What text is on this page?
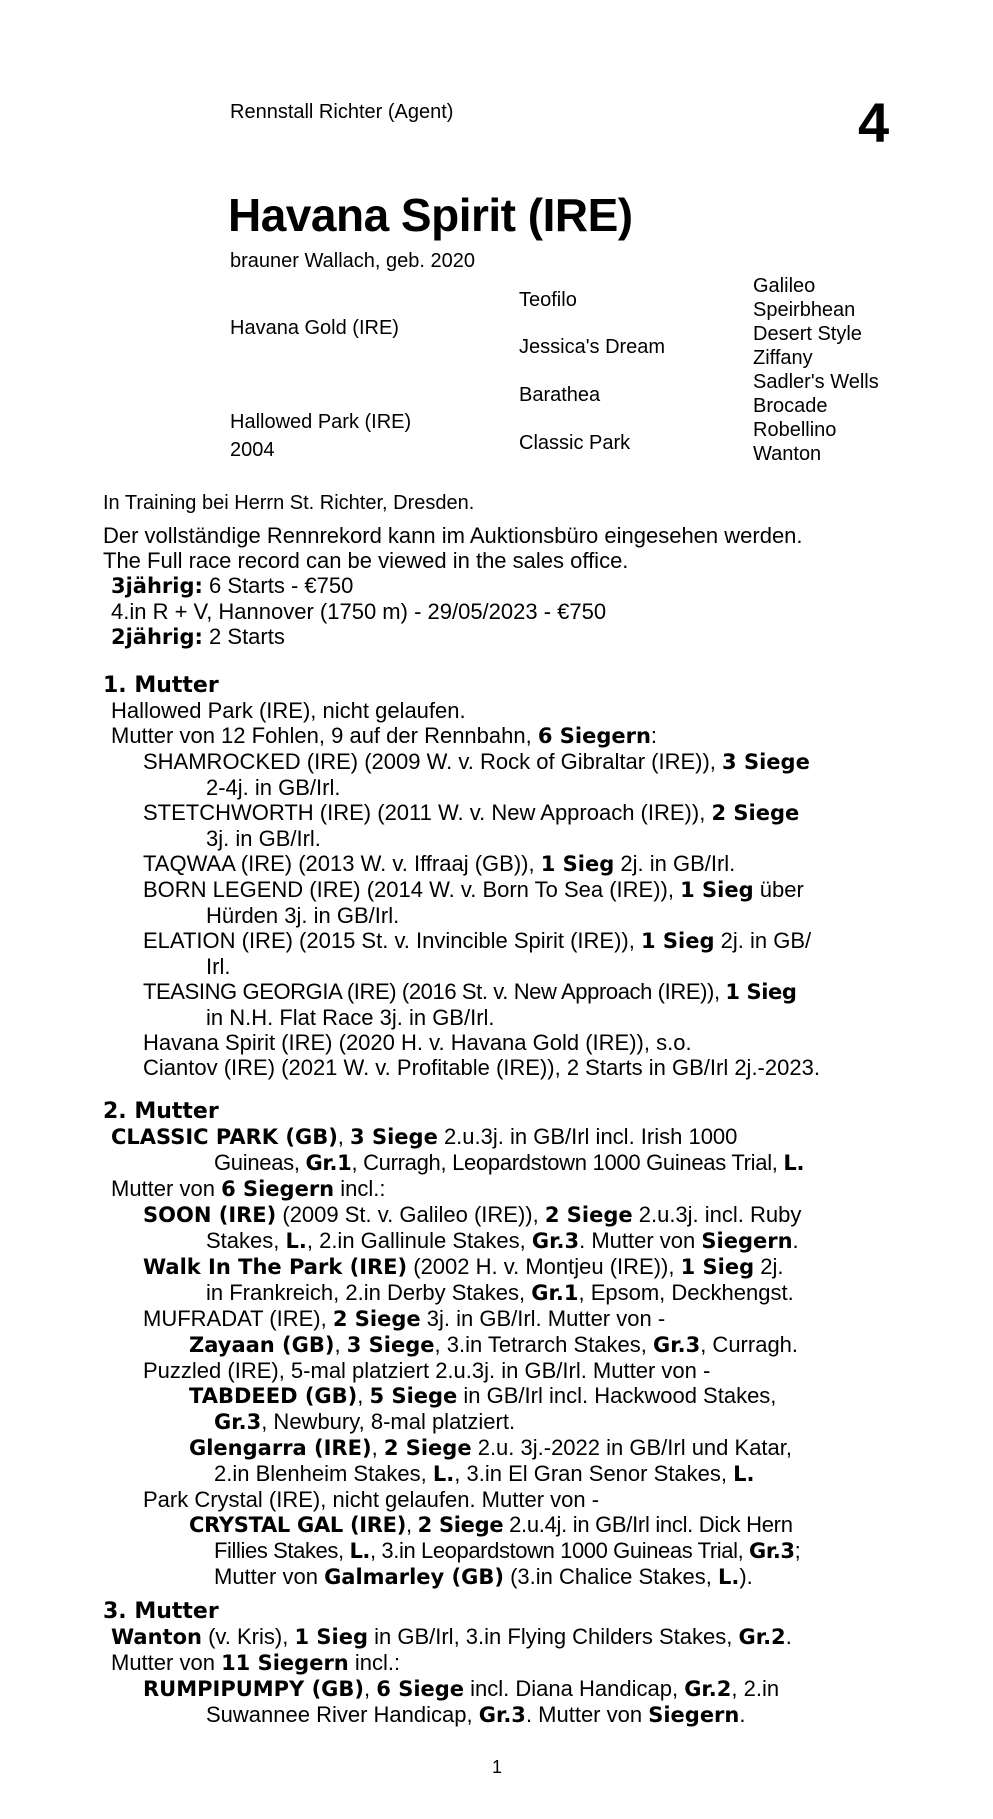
Rennstall Richter (Agent)	4
Havana Spirit (IRE)
brauner Wallach, geb. 2020
Havana Gold (IRE)
Hallowed Park (IRE)
2004
Teofilo
Jessica's Dream
Barathea
Classic Park
Galileo
Speirbhean
Desert Style
Ziffany
Sadler's Wells
Brocade
Robellino
Wanton
In Training bei Herrn St. Richter, Dresden.
Der vollständige Rennrekord kann im Auktionsbüro eingesehen werden.
The Full race record can be viewed in the sales office.
3jährig: 6 Starts - €750
4.in R + V, Hannover (1750 m) - 29/05/2023 - €750
2jährig: 2 Starts
1. Mutter
Hallowed Park (IRE), nicht gelaufen.
Mutter von 12 Fohlen, 9 auf der Rennbahn, 6 Siegern:
SHAMROCKED (IRE) (2009 W. v. Rock of Gibraltar (IRE)), 3 Siege
2-4j. in GB/Irl.
STETCHWORTH (IRE) (2011 W. v. New Approach (IRE)), 2 Siege
3j. in GB/Irl.
TAQWAA (IRE) (2013 W. v. Iffraaj (GB)), 1 Sieg 2j. in GB/Irl.
BORN LEGEND (IRE) (2014 W. v. Born To Sea (IRE)), 1 Sieg über
Hürden 3j. in GB/Irl.
ELATION (IRE) (2015 St. v. Invincible Spirit (IRE)), 1 Sieg 2j. in GB/
Irl.
TEASING GEORGIA (IRE) (2016 St. v. New Approach (IRE)), 1 Sieg
in N.H. Flat Race 3j. in GB/Irl.
Havana Spirit (IRE) (2020 H. v. Havana Gold (IRE)), s.o.
Ciantov (IRE) (2021 W. v. Profitable (IRE)), 2 Starts in GB/Irl 2j.-2023.
2. Mutter
CLASSIC PARK (GB), 3 Siege 2.u.3j. in GB/Irl incl. Irish 1000
Guineas, Gr.1, Curragh, Leopardstown 1000 Guineas Trial, L.
Mutter von 6 Siegern incl.:
SOON (IRE) (2009 St. v. Galileo (IRE)), 2 Siege 2.u.3j. incl. Ruby
Stakes, L., 2.in Gallinule Stakes, Gr.3. Mutter von Siegern.
Walk In The Park (IRE) (2002 H. v. Montjeu (IRE)), 1 Sieg 2j.
in Frankreich, 2.in Derby Stakes, Gr.1, Epsom, Deckhengst.
MUFRADAT (IRE), 2 Siege 3j. in GB/Irl. Mutter von -
Zayaan (GB), 3 Siege, 3.in Tetrarch Stakes, Gr.3, Curragh.
Puzzled (IRE), 5-mal platziert 2.u.3j. in GB/Irl. Mutter von -
TABDEED (GB), 5 Siege in GB/Irl incl. Hackwood Stakes,
Gr.3, Newbury, 8-mal platziert.
Glengarra (IRE), 2 Siege 2.u. 3j.-2022 in GB/Irl und Katar,
2.in Blenheim Stakes, L., 3.in El Gran Senor Stakes, L.
Park Crystal (IRE), nicht gelaufen. Mutter von -
CRYSTAL GAL (IRE), 2 Siege 2.u.4j. in GB/Irl incl. Dick Hern
Fillies Stakes, L., 3.in Leopardstown 1000 Guineas Trial, Gr.3;
Mutter von Galmarley (GB) (3.in Chalice Stakes, L.).
3. Mutter
Wanton (v. Kris), 1 Sieg in GB/Irl, 3.in Flying Childers Stakes, Gr.2.
Mutter von 11 Siegern incl.:
RUMPIPUMPY (GB), 6 Siege incl. Diana Handicap, Gr.2, 2.in
Suwannee River Handicap, Gr.3. Mutter von Siegern.
1
